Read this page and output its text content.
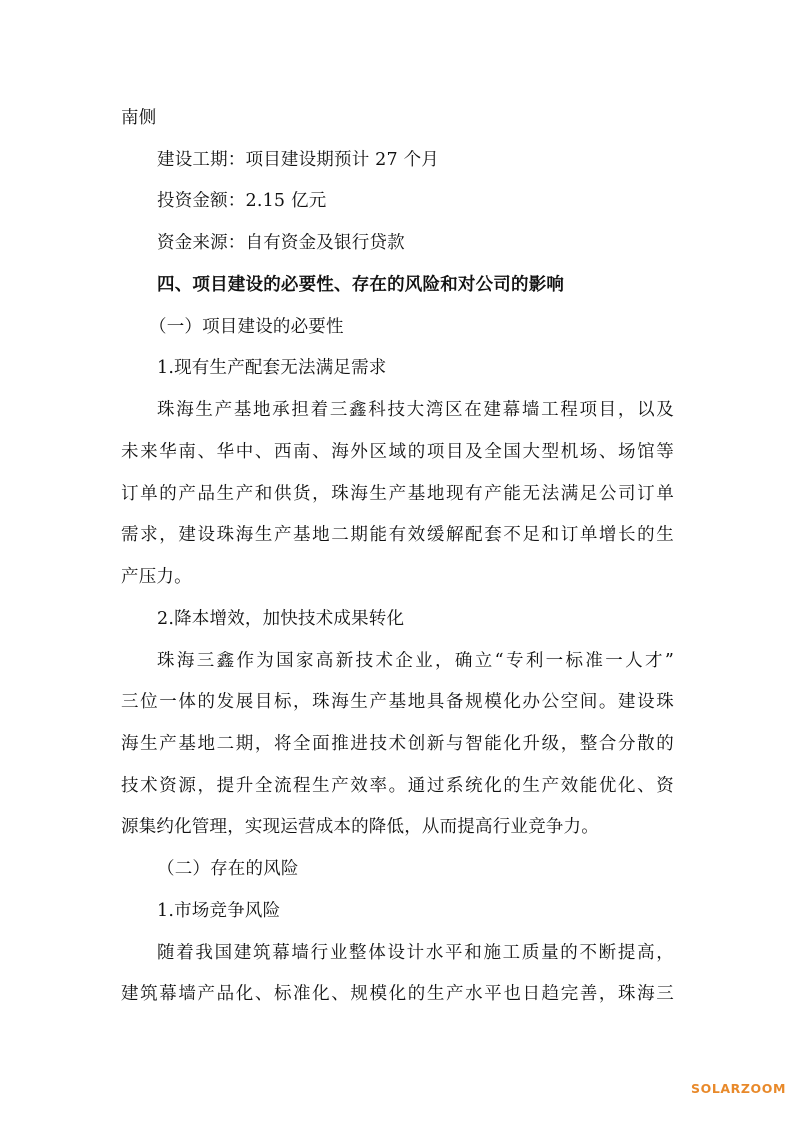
南侧
建设工期：项目建设期预计 27 个月
投资金额：2.15 亿元
资金来源：自有资金及银行贷款
四、项目建设的必要性、存在的风险和对公司的影响
（一）项目建设的必要性
1.现有生产配套无法满足需求
珠海生产基地承担着三鑫科技大湾区在建幕墙工程项目，以及
未来华南、华中、西南、海外区域的项目及全国大型机场、场馆等
订单的产品生产和供货，珠海生产基地现有产能无法满足公司订单
需求，建设珠海生产基地二期能有效缓解配套不足和订单增长的生
产压力。
2.降本增效，加快技术成果转化
珠海三鑫作为国家高新技术企业，确立“专利一标准一人才”
三位一体的发展目标，珠海生产基地具备规模化办公空间。建设珠
海生产基地二期，将全面推进技术创新与智能化升级，整合分散的
技术资源，提升全流程生产效率。通过系统化的生产效能优化、资
源集约化管理，实现运营成本的降低，从而提高行业竞争力。
（二）存在的风险
1.市场竞争风险
随着我国建筑幕墙行业整体设计水平和施工质量的不断提高，
建筑幕墙产品化、标准化、规模化的生产水平也日趋完善，珠海三
SOLARZOOM
